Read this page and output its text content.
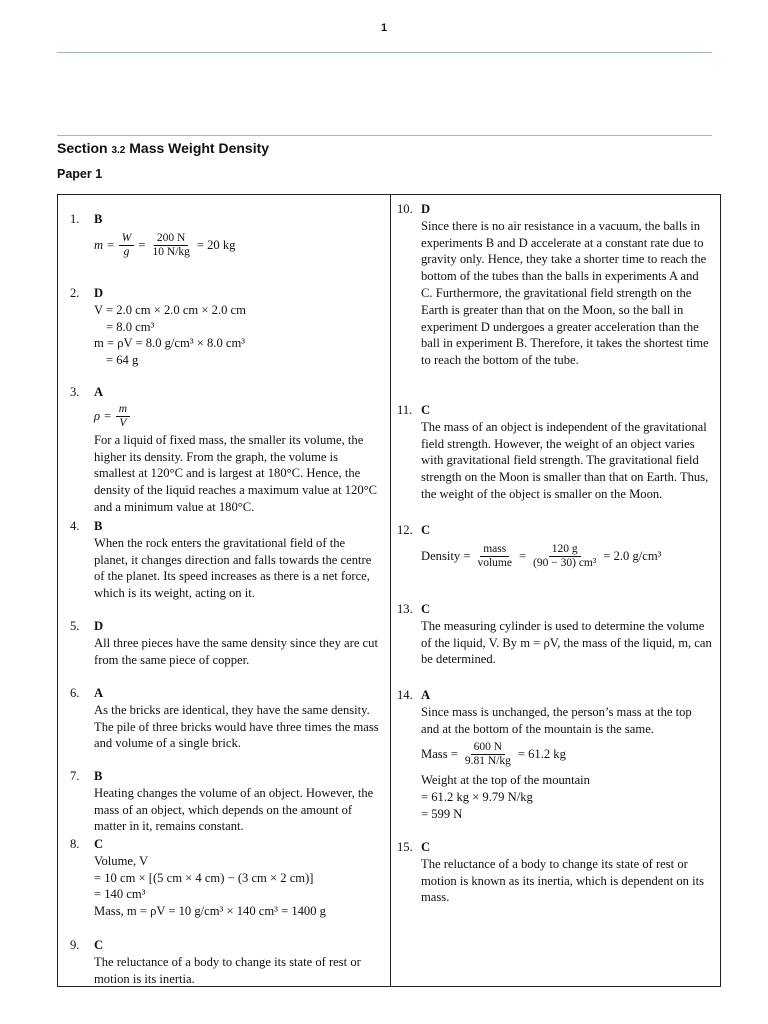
1
Section 3.2 Mass Weight Density
Paper 1
1. B
$m = \frac{W}{g} = \frac{200 N}{10 N/kg} = 20$ kg
2. D
V = 2.0 cm × 2.0 cm × 2.0 cm
= 8.0 cm³
m = ρV = 8.0 g/cm³ × 8.0 cm³
= 64 g
3. A
$\rho = \frac{m}{V}$
For a liquid of fixed mass, the smaller its volume, the higher its density. From the graph, the volume is smallest at 120°C and is largest at 180°C. Hence, the density of the liquid reaches a maximum value at 120°C and a minimum value at 180°C.
4. B
When the rock enters the gravitational field of the planet, it changes direction and falls towards the centre of the planet. Its speed increases as there is a net force, which is its weight, acting on it.
5. D
All three pieces have the same density since they are cut from the same piece of copper.
6. A
As the bricks are identical, they have the same density. The pile of three bricks would have three times the mass and volume of a single brick.
7. B
Heating changes the volume of an object. However, the mass of an object, which depends on the amount of matter in it, remains constant.
8. C
Volume, V
= 10 cm × [(5 cm × 4 cm) − (3 cm × 2 cm)]
= 140 cm³
Mass, m = ρV = 10 g/cm³ × 140 cm³ = 1400 g
9. C
The reluctance of a body to change its state of rest or motion is its inertia.
10. D
Since there is no air resistance in a vacuum, the balls in experiments B and D accelerate at a constant rate due to gravity only. Hence, they take a shorter time to reach the bottom of the tubes than the balls in experiments A and C. Furthermore, the gravitational field strength on the Earth is greater than that on the Moon, so the ball in experiment D undergoes a greater acceleration than the ball in experiment B. Therefore, it takes the shortest time to reach the bottom of the tube.
11. C
The mass of an object is independent of the gravitational field strength. However, the weight of an object varies with gravitational field strength. The gravitational field strength on the Moon is smaller than that on Earth. Thus, the weight of the object is smaller on the Moon.
12. C
Density = $\frac{\text{mass}}{\text{volume}} = \frac{120 g}{\text{(90 − 30) cm³}} = 2.0$ g/cm³
13. C
The measuring cylinder is used to determine the volume of the liquid, V. By m = ρV, the mass of the liquid, m, can be determined.
14. A
Since mass is unchanged, the person’s mass at the top and at the bottom of the mountain is the same.
Mass = $\frac{600 N}{9.81 N/kg} = 61.2$ kg
Weight at the top of the mountain
= 61.2 kg × 9.79 N/kg
= 599 N
15. C
The reluctance of a body to change its state of rest or motion is known as its inertia, which is dependent on its mass.
